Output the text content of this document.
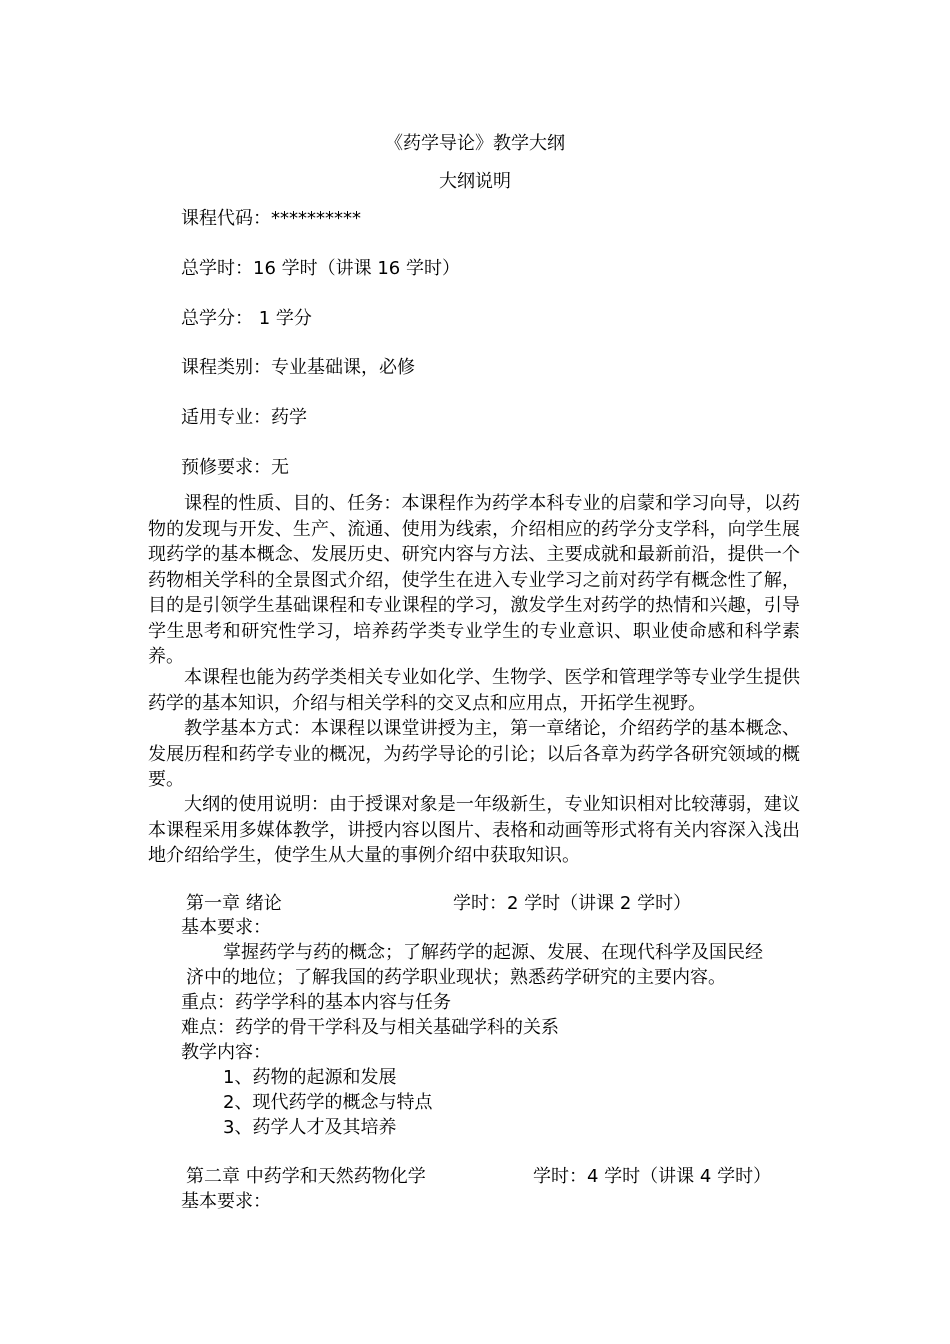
《药学导论》教学大纲
大纲说明
课程代码：**********
总学时：16 学时（讲课 16 学时）
总学分： 1 学分
课程类别：专业基础课，必修
适用专业：药学
预修要求：无
课程的性质、目的、任务：本课程作为药学本科专业的启蒙和学习向导，以药物的发现与开发、生产、流通、使用为线索，介绍相应的药学分支学科，向学生展现药学的基本概念、发展历史、研究内容与方法、主要成就和最新前沿，提供一个药物相关学科的全景图式介绍，使学生在进入专业学习之前对药学有概念性了解，目的是引领学生基础课程和专业课程的学习，激发学生对药学的热情和兴趣，引导学生思考和研究性学习，培养药学类专业学生的专业意识、职业使命感和科学素养。
本课程也能为药学类相关专业如化学、生物学、医学和管理学等专业学生提供药学的基本知识，介绍与相关学科的交叉点和应用点，开拓学生视野。
教学基本方式：本课程以课堂讲授为主，第一章绪论，介绍药学的基本概念、发展历程和药学专业的概况，为药学导论的引论；以后各章为药学各研究领域的概要。
大纲的使用说明：由于授课对象是一年级新生，专业知识相对比较薄弱，建议本课程采用多媒体教学，讲授内容以图片、表格和动画等形式将有关内容深入浅出地介绍给学生，使学生从大量的事例介绍中获取知识。
第一章 绪论	学时：2 学时（讲课 2 学时）
基本要求：
掌握药学与药的概念；了解药学的起源、发展、在现代科学及国民经
济中的地位；了解我国的药学职业现状；熟悉药学研究的主要内容。
重点：药学学科的基本内容与任务
难点：药学的骨干学科及与相关基础学科的关系
教学内容：
1、药物的起源和发展
2、现代药学的概念与特点
3、药学人才及其培养
第二章 中药学和天然药物化学	学时：4 学时（讲课 4 学时）
基本要求：
